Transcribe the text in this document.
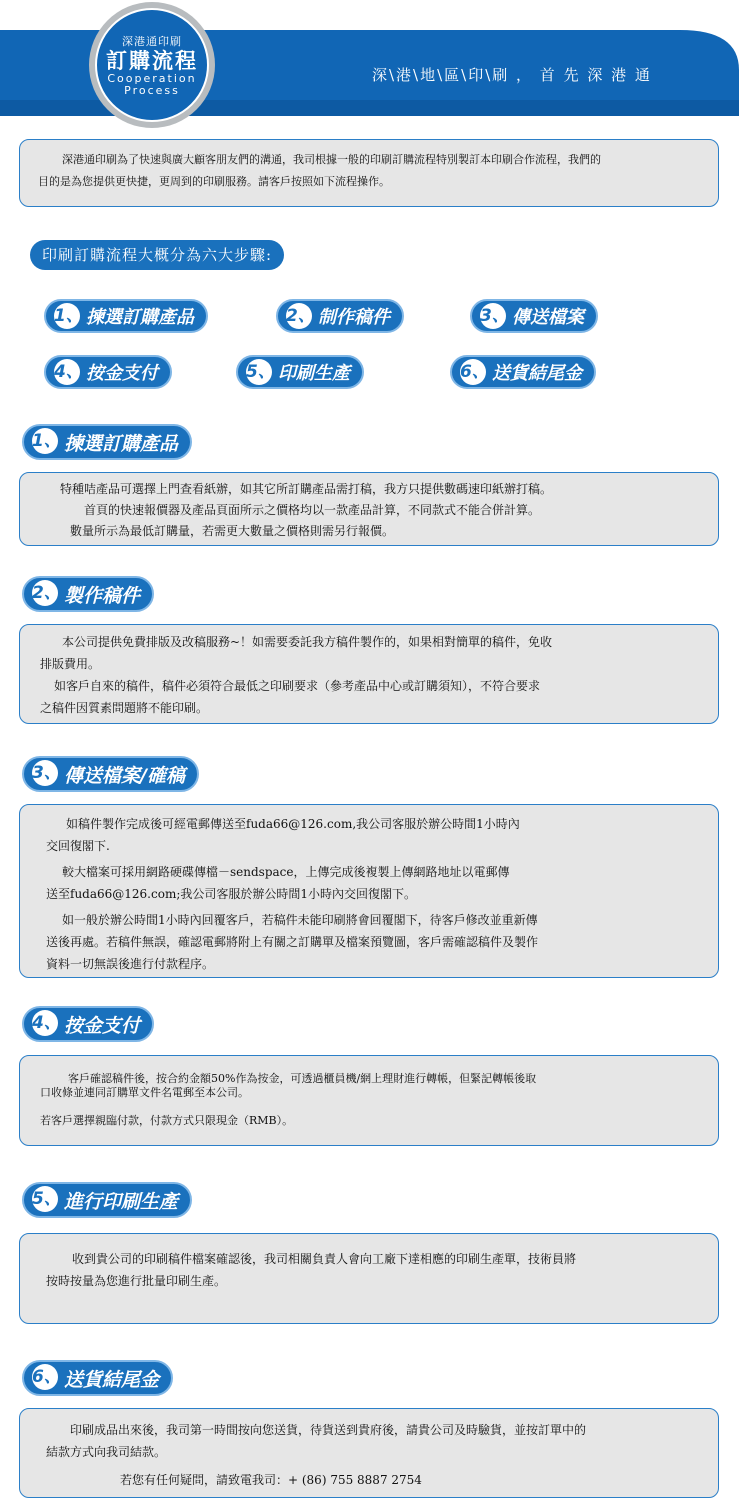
深\港\地\區\印\刷 ， 首 先 深 港 通
深港通印刷
訂購流程
Cooperation
Process

深港通印刷為了快速與廣大顧客朋友們的溝通，我司根據一般的印刷訂購流程特別製訂本印刷合作流程，我們的

目的是為您提供更快捷，更周到的印刷服務。請客戶按照如下流程操作。

印刷訂購流程大概分為六大步驟:
1、 揀選訂購產品	2、 制作稿件	3、 傳送檔案
4、 按金支付	5、 印刷生產	6、 送貨結尾金
1、 揀選訂購產品

特種咭產品可選擇上門查看紙辦，如其它所訂購產品需打稿，我方只提供數碼速印紙辦打稿。

首頁的快速報價器及產品頁面所示之價格均以一款產品計算，不同款式不能合併計算。

數量所示為最低訂購量，若需更大數量之價格則需另行報價。

2、 製作稿件

本公司提供免費排版及改稿服務~！如需要委託我方稿件製作的，如果相對簡單的稿件，免收

排版費用。

如客戶自來的稿件，稿件必須符合最低之印刷要求（參考產品中心或訂購須知），不符合要求

之稿件因質素問題將不能印刷。

3、 傳送檔案/確稿

如稿件製作完成後可經電郵傳送至fuda66@126.com,我公司客服於辦公時間1小時內

交回復閣下.

較大檔案可採用網路硬碟傳檔－sendspace，上傳完成後複製上傳網路地址以電郵傳

送至fuda66@126.com;我公司客服於辦公時間1小時內交回復閣下。

如一般於辦公時間1小時內回覆客戶，若稿件未能印刷將會回覆閣下，待客戶修改並重新傳

送後再處。若稿件無誤，確認電郵將附上有關之訂購單及檔案預覽圖，客戶需確認稿件及製作

資料一切無誤後進行付款程序。

4、 按金支付

客戶確認稿件後，按合約金額50%作為按金，可透過櫃員機/網上理財進行轉帳，但緊記轉帳後取

口收條並連同訂購單文件名電郵至本公司。

若客戶選擇親臨付款，付款方式只限現金（RMB）。

5、 進行印刷生產

收到貴公司的印刷稿件檔案確認後，我司相關負責人會向工廠下達相應的印刷生產單，技術員將

按時按量為您進行批量印刷生產。

6、 送貨結尾金

印刷成品出來後，我司第一時間按向您送貨，待貨送到貴府後，請貴公司及時驗貨，並按訂單中的

結款方式向我司結款。

若您有任何疑問，請致電我司：+ (86) 755 8887 2754
